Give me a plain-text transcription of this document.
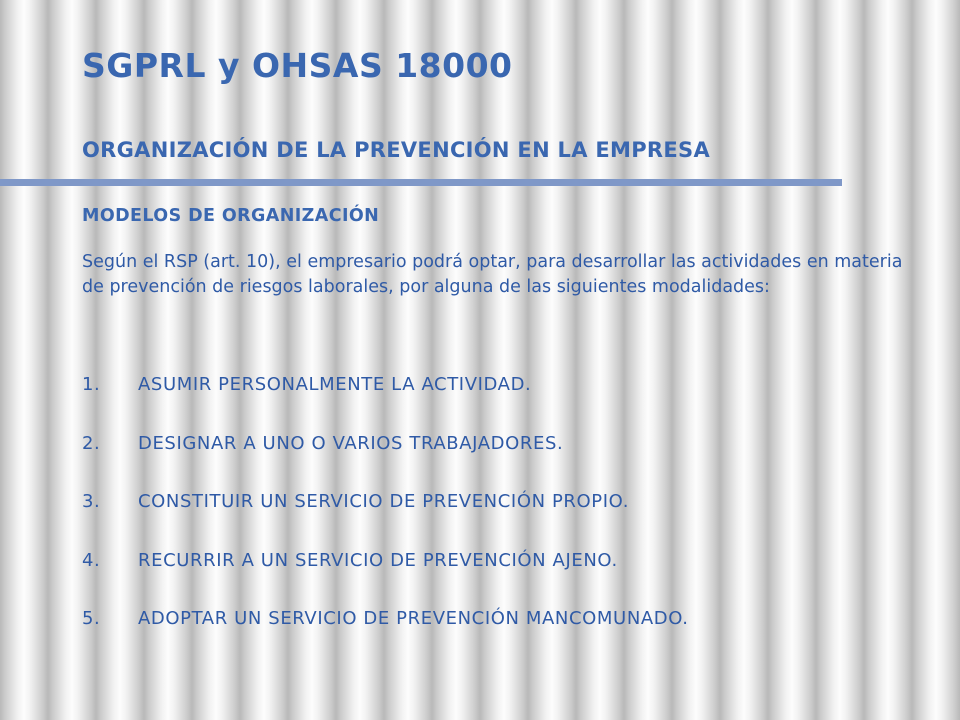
SGPRL y OHSAS 18000
ORGANIZACIÓN DE LA PREVENCIÓN EN LA EMPRESA
MODELOS DE ORGANIZACIÓN

Según el RSP (art. 10), el empresario podrá optar, para desarrollar las actividades en materia de prevención de riesgos laborales, por alguna de las siguientes modalidades:

1. ASUMIR PERSONALMENTE LA ACTIVIDAD.
2. DESIGNAR A UNO O VARIOS TRABAJADORES.
3. CONSTITUIR UN SERVICIO DE PREVENCIÓN PROPIO.
4. RECURRIR A UN SERVICIO DE PREVENCIÓN AJENO.
5. ADOPTAR UN SERVICIO DE PREVENCIÓN MANCOMUNADO.
